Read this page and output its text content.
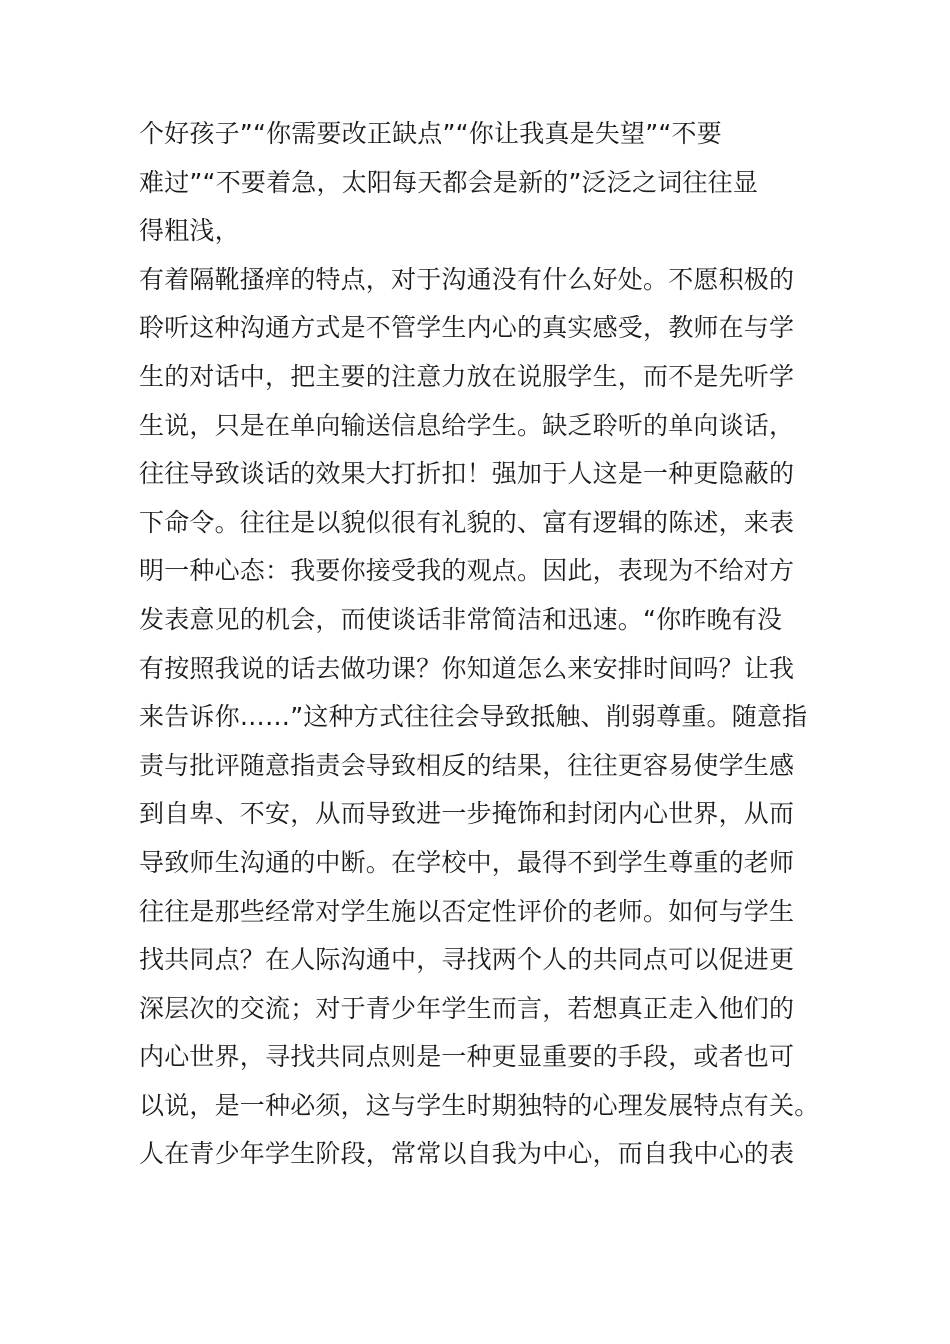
个好孩子”“你需要改正缺点”“你让我真是失望”“不要
难过”“不要着急，太阳每天都会是新的”泛泛之词往往显
得粗浅，
有着隔靴搔痒的特点，对于沟通没有什么好处。不愿积极的
聆听这种沟通方式是不管学生内心的真实感受，教师在与学
生的对话中，把主要的注意力放在说服学生，而不是先听学
生说，只是在单向输送信息给学生。缺乏聆听的单向谈话，
往往导致谈话的效果大打折扣！强加于人这是一种更隐蔽的
下命令。往往是以貌似很有礼貌的、富有逻辑的陈述，来表
明一种心态：我要你接受我的观点。因此，表现为不给对方
发表意见的机会，而使谈话非常简洁和迅速。“你昨晚有没
有按照我说的话去做功课？你知道怎么来安排时间吗？让我
来告诉你……”这种方式往往会导致抵触、削弱尊重。随意指
责与批评随意指责会导致相反的结果，往往更容易使学生感
到自卑、不安，从而导致进一步掩饰和封闭内心世界，从而
导致师生沟通的中断。在学校中，最得不到学生尊重的老师
往往是那些经常对学生施以否定性评价的老师。如何与学生
找共同点？在人际沟通中，寻找两个人的共同点可以促进更
深层次的交流；对于青少年学生而言，若想真正走入他们的
内心世界，寻找共同点则是一种更显重要的手段，或者也可
以说，是一种必须，这与学生时期独特的心理发展特点有关。
人在青少年学生阶段，常常以自我为中心，而自我中心的表
